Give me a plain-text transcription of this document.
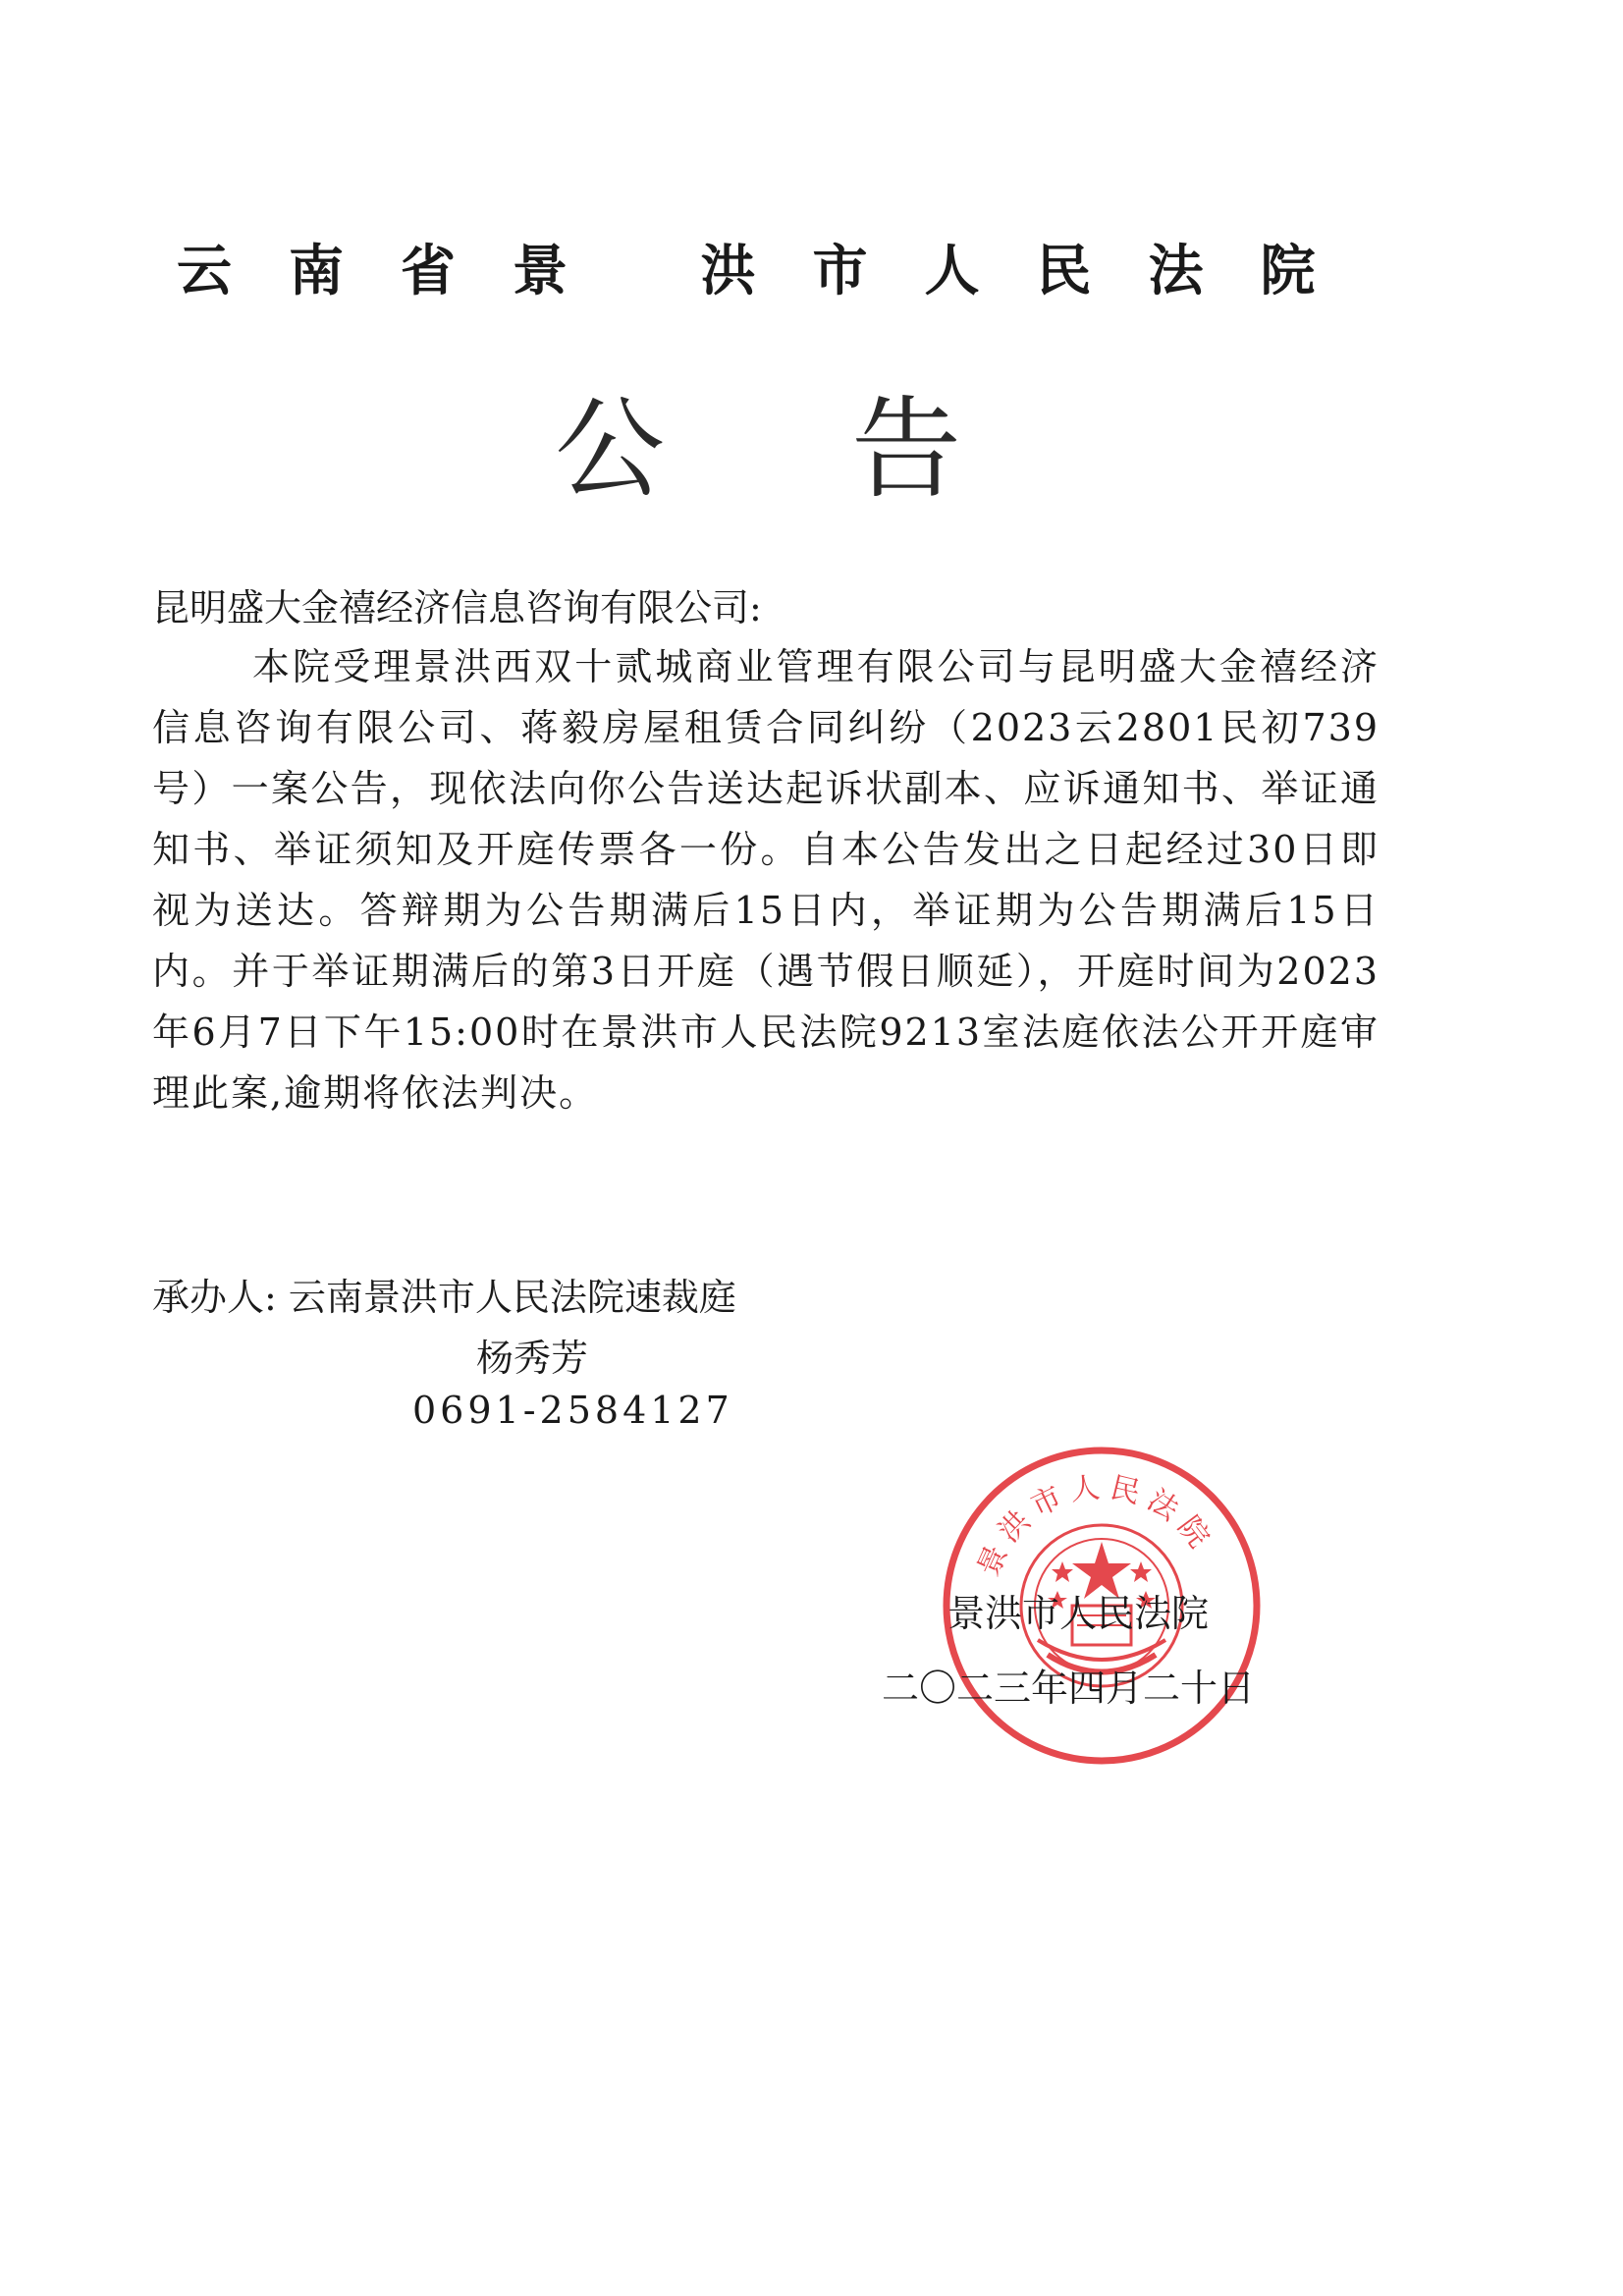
云南省景 洪市人民法院
公告
昆明盛大金禧经济信息咨询有限公司:
本院受理景洪西双十贰城商业管理有限公司与昆明盛大金禧经济信息咨询有限公司、蒋毅房屋租赁合同纠纷（2023云2801民初739号）一案公告，现依法向你公告送达起诉状副本、应诉通知书、举证通知书、举证须知及开庭传票各一份。自本公告发出之日起经过30日即视为送达。答辩期为公告期满后15日内，举证期为公告期满后15日内。并于举证期满后的第3日开庭（遇节假日顺延），开庭时间为2023年6月7日下午15:00时在景洪市人民法院9213室法庭依法公开开庭审理此案,逾期将依法判决。
承办人: 云南景洪市人民法院速裁庭
杨秀芳
0691-2584127
景洪市人民法院
景洪市人民法院
二〇二三年四月二十日
